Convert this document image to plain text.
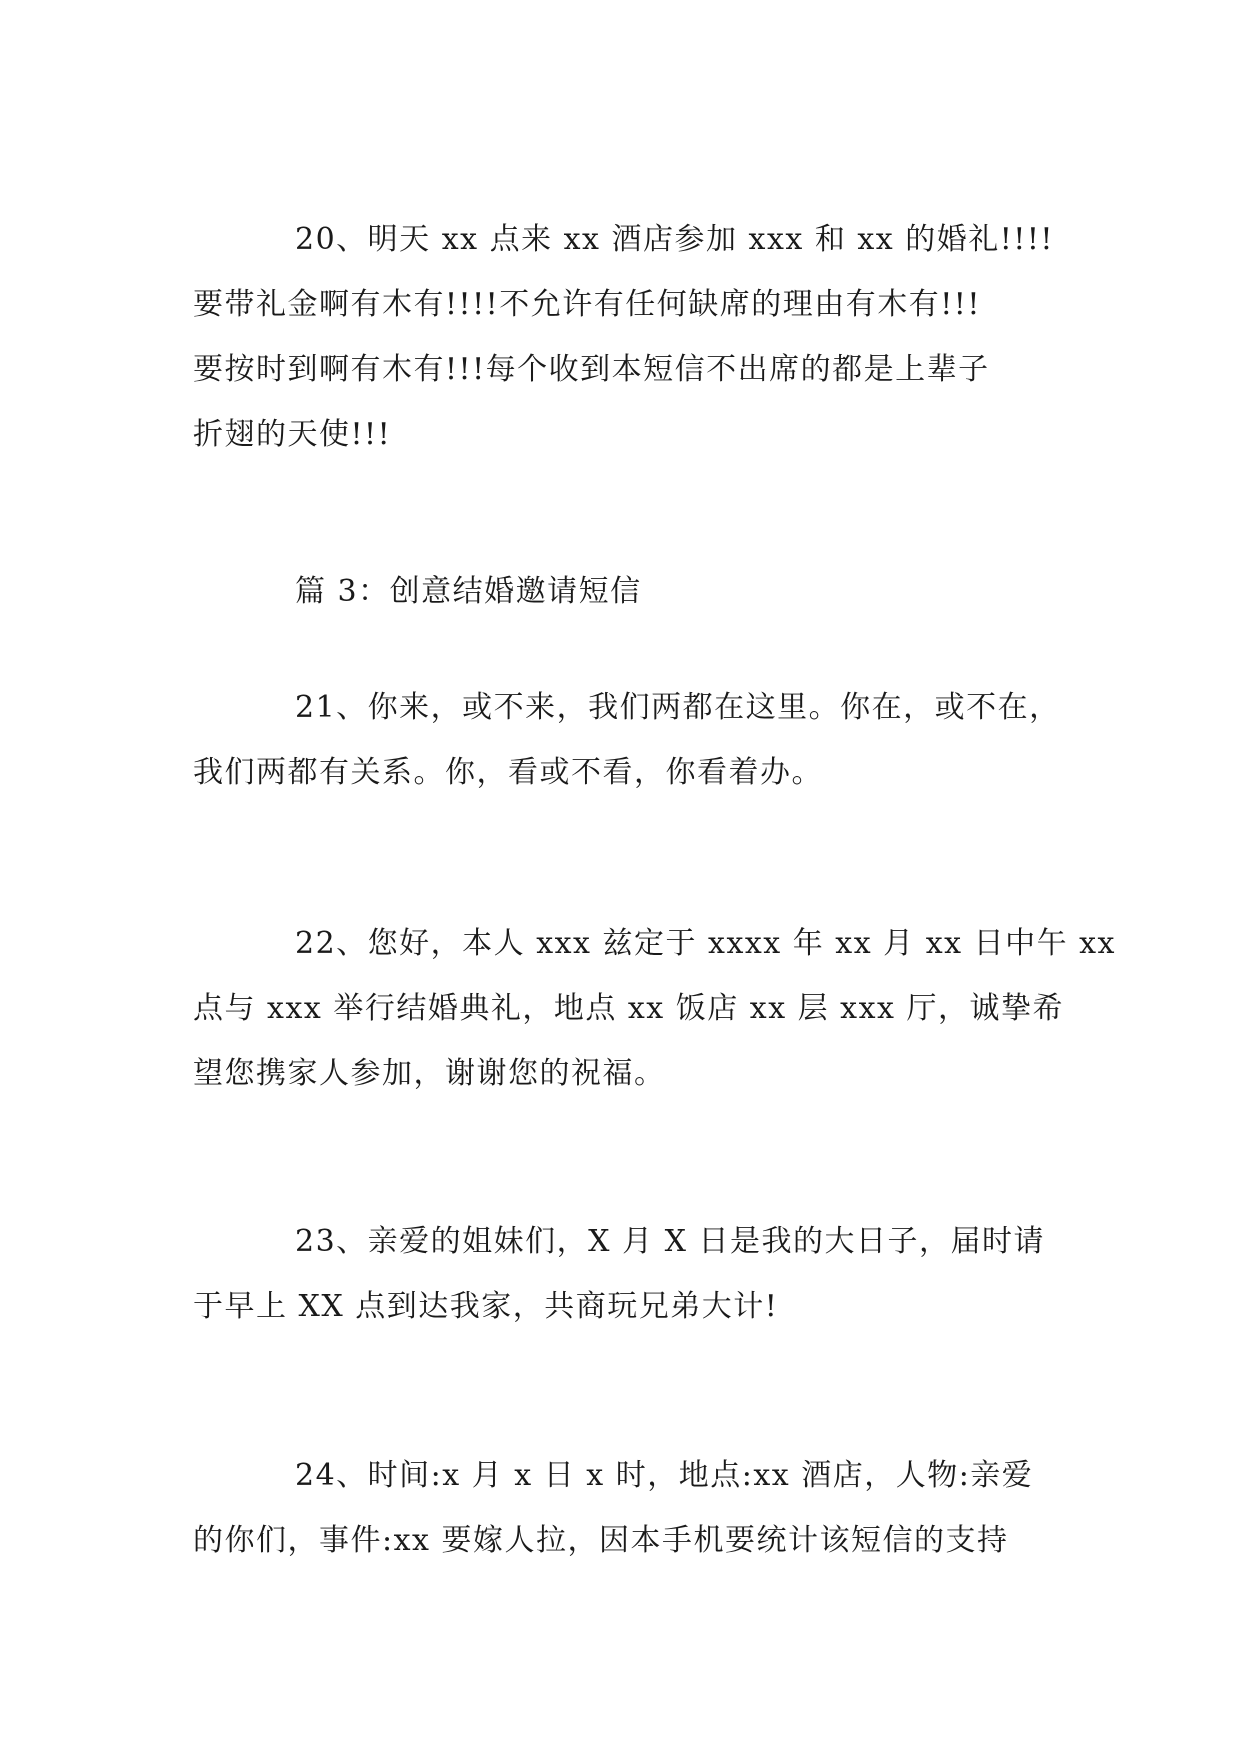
20、明天 xx 点来 xx 酒店参加 xxx 和 xx 的婚礼!!!!

要带礼金啊有木有!!!!不允许有任何缺席的理由有木有!!!

要按时到啊有木有!!!每个收到本短信不出席的都是上辈子

折翅的天使!!!

篇 3：创意结婚邀请短信

21、你来，或不来，我们两都在这里。你在，或不在，

我们两都有关系。你，看或不看，你看着办。

22、您好，本人 xxx 兹定于 xxxx 年 xx 月 xx 日中午 xx

点与 xxx 举行结婚典礼，地点 xx 饭店 xx 层 xxx 厅，诚挚希

望您携家人参加，谢谢您的祝福。

23、亲爱的姐妹们，X 月 X 日是我的大日子，届时请

于早上 XX 点到达我家，共商玩兄弟大计!

24、时间:x 月 x 日 x 时，地点:xx 酒店，人物:亲爱

的你们，事件:xx 要嫁人拉，因本手机要统计该短信的支持
